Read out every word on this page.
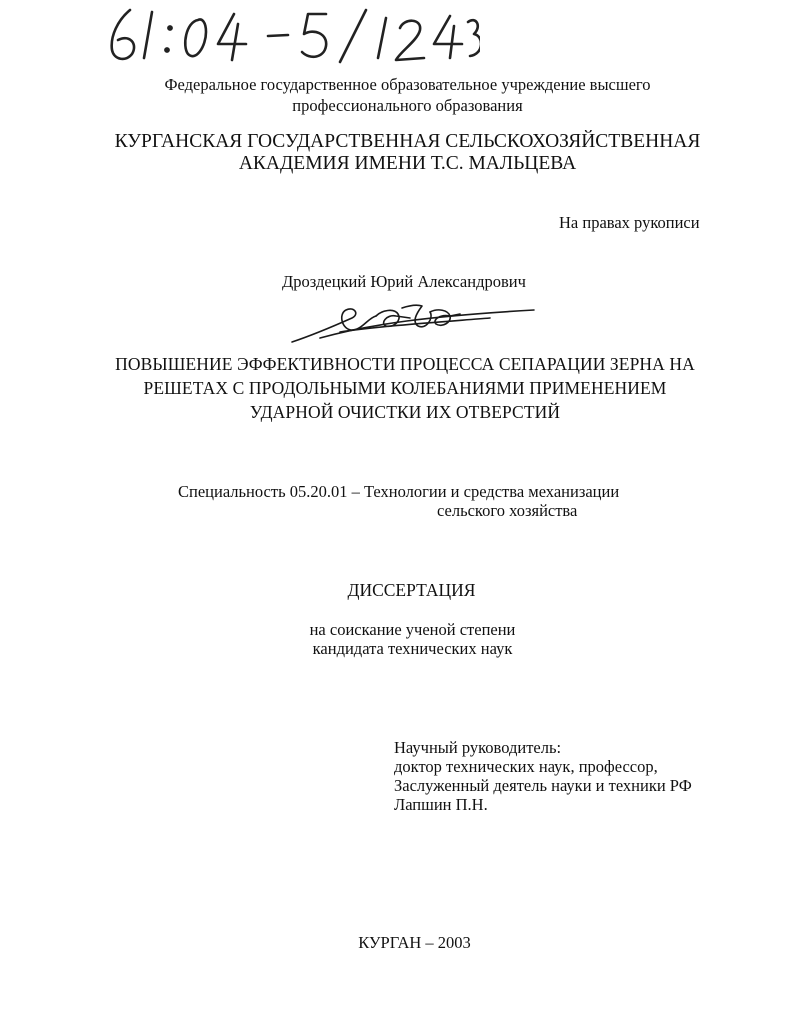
Федеральное государственное образовательное учреждение высшего
профессионального образования
КУРГАНСКАЯ ГОСУДАРСТВЕННАЯ СЕЛЬСКОХОЗЯЙСТВЕННАЯ
АКАДЕМИЯ ИМЕНИ Т.С. МАЛЬЦЕВА
На правах рукописи
Дроздецкий Юрий Александрович
ПОВЫШЕНИЕ ЭФФЕКТИВНОСТИ ПРОЦЕССА СЕПАРАЦИИ ЗЕРНА НА
РЕШЕТАХ С ПРОДОЛЬНЫМИ КОЛЕБАНИЯМИ ПРИМЕНЕНИЕМ
УДАРНОЙ ОЧИСТКИ ИХ ОТВЕРСТИЙ
Специальность 05.20.01 – Технологии и средства механизации
сельского хозяйства
ДИССЕРТАЦИЯ
на соискание ученой степени
кандидата технических наук
Научный руководитель:
доктор технических наук, профессор,
Заслуженный деятель науки и техники РФ
Лапшин П.Н.
КУРГАН – 2003
